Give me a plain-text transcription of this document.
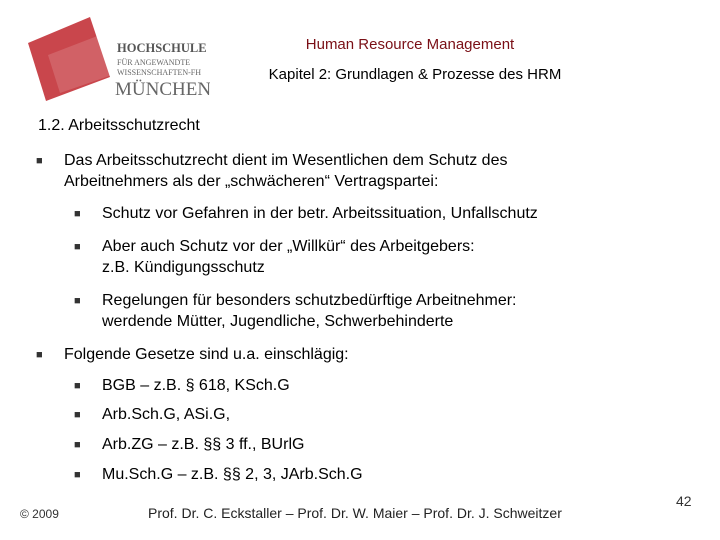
HOCHSCHULE
FÜR ANGEWANDTE
WISSENSCHAFTEN-FH
MÜNCHEN
Human Resource Management
Kapitel 2: Grundlagen & Prozesse des HRM
1.2. Arbeitsschutzrecht
■ Das Arbeitsschutzrecht dient im Wesentlichen dem Schutz des
Arbeitnehmers als der „schwächeren“ Vertragspartei:
■ Schutz vor Gefahren in der betr. Arbeitssituation, Unfallschutz
■ Aber auch Schutz vor der „Willkür“ des Arbeitgebers:
z.B. Kündigungsschutz
■ Regelungen für besonders schutzbedürftige Arbeitnehmer:
werdende Mütter, Jugendliche, Schwerbehinderte
■ Folgende Gesetze sind u.a. einschlägig:
■ BGB – z.B. § 618, KSch.G
■ Arb.Sch.G, ASi.G,
■ Arb.ZG – z.B. §§ 3 ff., BUrlG
■ Mu.Sch.G – z.B. §§ 2, 3, JArb.Sch.G
© 2009	Prof. Dr. C. Eckstaller – Prof. Dr. W. Maier – Prof. Dr. J. Schweitzer
42
